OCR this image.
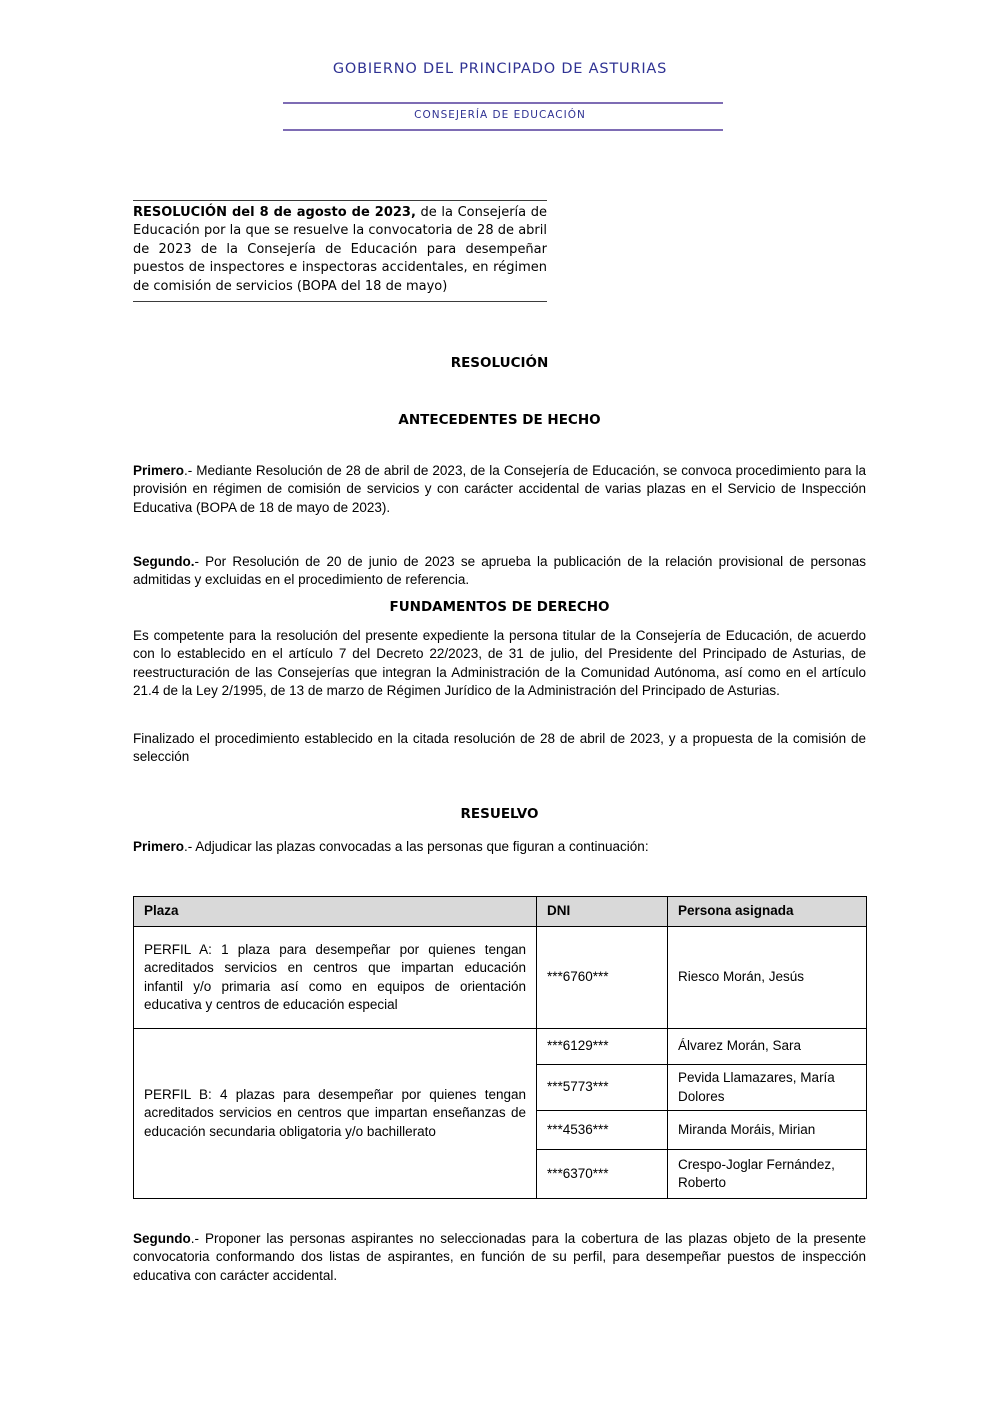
GOBIERNO DEL PRINCIPADO DE ASTURIAS
CONSEJERÍA DE EDUCACIÓN
RESOLUCIÓN del 8 de agosto de 2023, de la Consejería de Educación por la que se resuelve la convocatoria de 28 de abril de 2023 de la Consejería de Educación para desempeñar puestos de inspectores e inspectoras accidentales, en régimen de comisión de servicios (BOPA del 18 de mayo)
RESOLUCIÓN
ANTECEDENTES DE HECHO

Primero.- Mediante Resolución de 28 de abril de 2023, de la Consejería de Educación, se convoca procedimiento para la provisión en régimen de comisión de servicios y con carácter accidental de varias plazas en el Servicio de Inspección Educativa (BOPA de 18 de mayo de 2023).

Segundo.- Por Resolución de 20 de junio de 2023 se aprueba la publicación de la relación provisional de personas admitidas y excluidas en el procedimiento de referencia.

FUNDAMENTOS DE DERECHO

Es competente para la resolución del presente expediente la persona titular de la Consejería de Educación, de acuerdo con lo establecido en el artículo 7 del Decreto 22/2023, de 31 de julio, del Presidente del Principado de Asturias, de reestructuración de las Consejerías que integran la Administración de la Comunidad Autónoma, así como en el artículo 21.4 de la Ley 2/1995, de 13 de marzo de Régimen Jurídico de la Administración del Principado de Asturias.

Finalizado el procedimiento establecido en la citada resolución de 28 de abril de 2023, y a propuesta de la comisión de selección

RESUELVO

Primero.- Adjudicar las plazas convocadas a las personas que figuran a continuación:

Plaza	DNI	Persona asignada
PERFIL A: 1 plaza para desempeñar por quienes tengan acreditados servicios en centros que impartan educación infantil y/o primaria así como en equipos de orientación educativa y centros de educación especial	***6760***	Riesco Morán, Jesús
PERFIL B: 4 plazas para desempeñar por quienes tengan acreditados servicios en centros que impartan enseñanzas de educación secundaria obligatoria y/o bachillerato	***6129***	Álvarez Morán, Sara
	***5773***	Pevida Llamazares, María Dolores
	***4536***	Miranda Moráis, Mirian
	***6370***	Crespo-Joglar Fernández, Roberto

Segundo.- Proponer las personas aspirantes no seleccionadas para la cobertura de las plazas objeto de la presente convocatoria conformando dos listas de aspirantes, en función de su perfil, para desempeñar puestos de inspección educativa con carácter accidental.
